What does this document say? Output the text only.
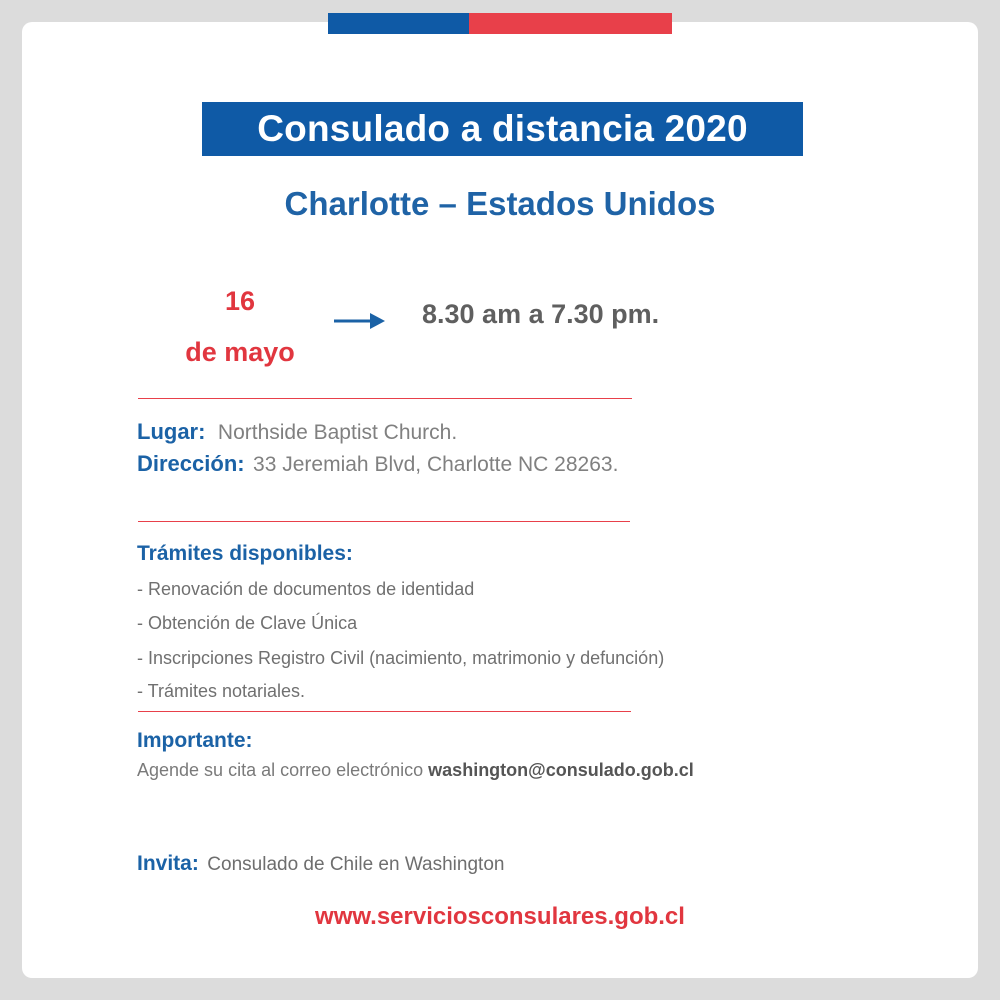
Consulado a distancia 2020
Charlotte – Estados Unidos
16
de mayo
8.30 am a 7.30 pm.
Lugar: Northside Baptist Church.
Dirección: 33 Jeremiah Blvd, Charlotte NC 28263.
Trámites disponibles:
- Renovación de documentos de identidad
- Obtención de Clave Única
- Inscripciones Registro Civil (nacimiento, matrimonio y defunción)
- Trámites notariales.
Importante:
Agende su cita al correo electrónico washington@consulado.gob.cl
Invita: Consulado de Chile en Washington
www.serviciosconsulares.gob.cl
